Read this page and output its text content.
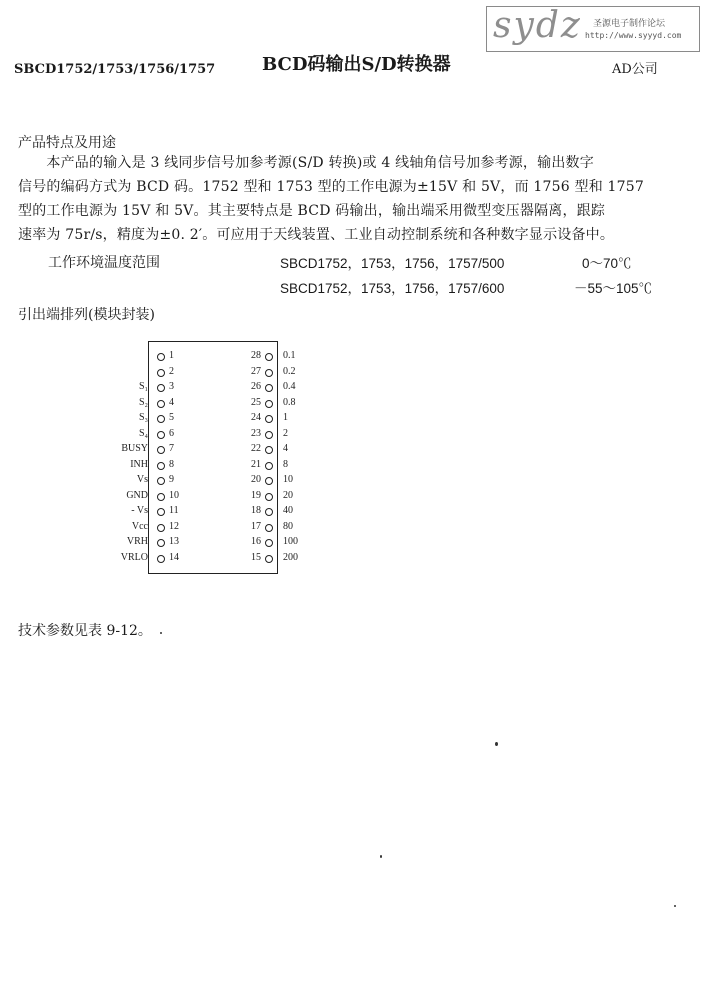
sydz 圣源电子制作论坛
http://www.syyyd.com
SBCD1752/1753/1756/1757	BCD码输出S/D转换器	AD公司
产品特点及用途
　　本产品的输入是 3 线同步信号加参考源(S/D 转换)或 4 线轴角信号加参考源，输出数字
信号的编码方式为 BCD 码。1752 型和 1753 型的工作电源为±15V 和 5V，而 1756 型和 1757
型的工作电源为 15V 和 5V。其主要特点是 BCD 码输出，输出端采用微型变压器隔离，跟踪
速率为 75r/s，精度为±0. 2′。可应用于天线装置、工业自动控制系统和各种数字显示设备中。
工作环境温度范围	SBCD1752，1753，1756，1757/500	0～70℃
SBCD1752，1753，1756，1757/600	－55～105℃
引出端排列(模块封装)
1
2
S₁ 3
S₂ 4
S₃ 5
S₄ 6
BUSY 7
INH 8
Vs 9
GND 10
- Vs 11
Vcc 12
VRH 13
VRLO 14
28 0.1
27 0.2
26 0.4
25 0.8
24 1
23 2
22 4
21 8
20 10
19 20
18 40
17 80
16 100
15 200
技术参数见表 9-12。
